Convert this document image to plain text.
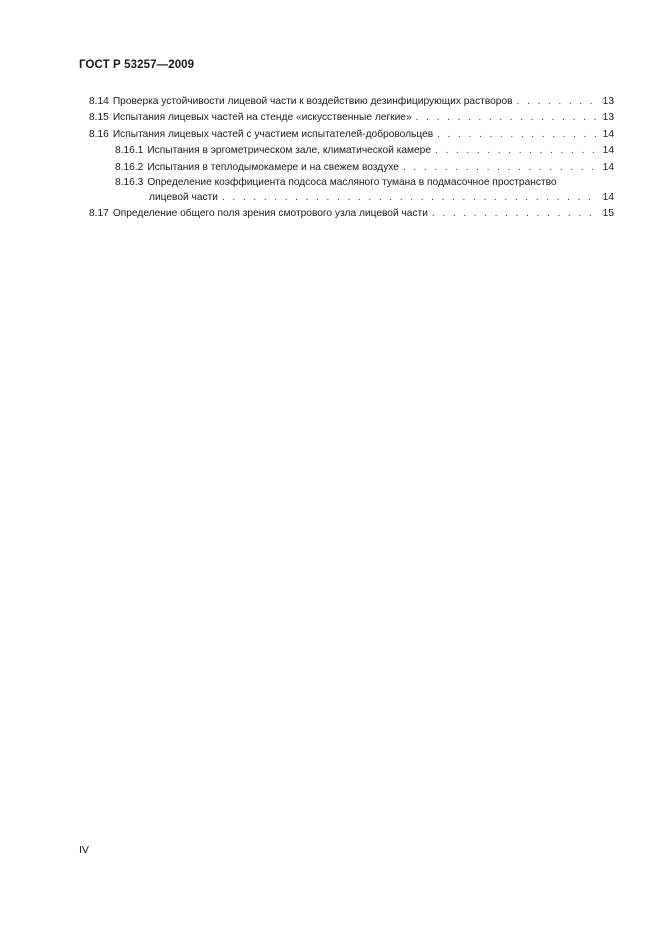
ГОСТ Р 53257—2009
8.14 Проверка устойчивости лицевой части к воздействию дезинфицирующих растворов . . .	13
8.15 Испытания лицевых частей на стенде «искусственные легкие» . . .	13
8.16 Испытания лицевых частей с участием испытателей-добровольцев . . .	14
8.16.1 Испытания в эргометрическом зале, климатической камере . . .	14
8.16.2 Испытания в теплодымокамере и на свежем воздухе . . .	14
8.16.3 Определение коэффициента подсоса масляного тумана в подмасочное пространство
лицевой части . . .	14
8.17 Определение общего поля зрения смотрового узла лицевой части . . .	15
IV
